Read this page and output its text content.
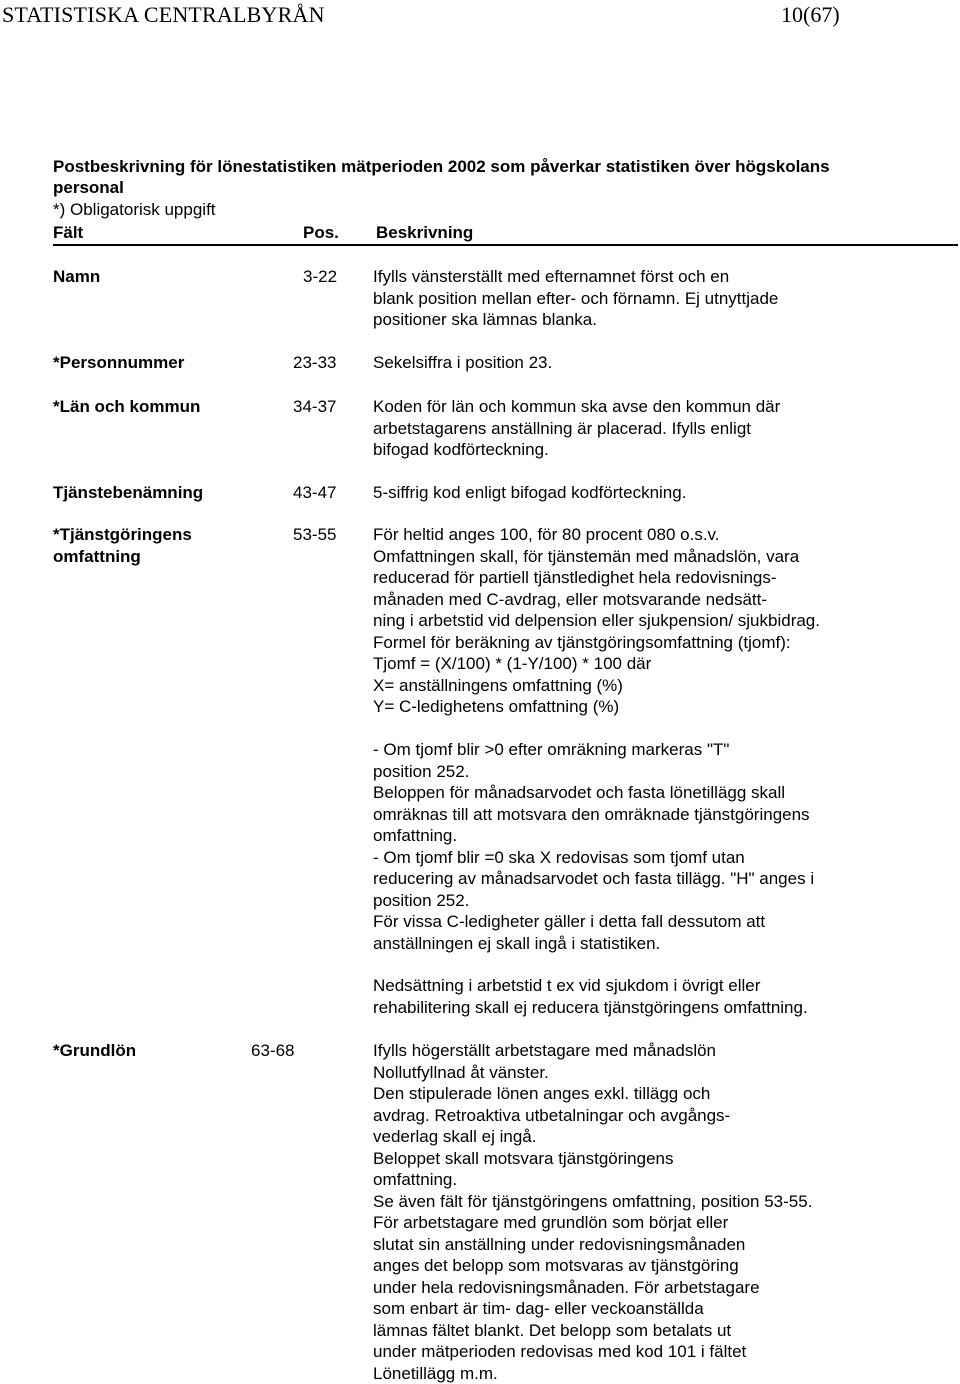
STATISTISKA CENTRALBYRÅN	10(67)
Postbeskrivning för lönestatistiken mätperioden 2002 som påverkar statistiken över högskolans
personal
*) Obligatorisk uppgift
Fält	Pos. Beskrivning
Namn	3-22 Ifylls vänsterställt med efternamnet först och en
blank position mellan efter- och förnamn. Ej utnyttjade
positioner ska lämnas blanka.
*Personnummer	23-33 Sekelsiffra i position 23.
*Län och kommun	34-37 Koden för län och kommun ska avse den kommun där
arbetstagarens anställning är placerad. Ifylls enligt
bifogad kodförteckning.
Tjänstebenämning	43-47 5-siffrig kod enligt bifogad kodförteckning.
*Tjänstgöringens
omfattning
53-55 För heltid anges 100, för 80 procent 080 o.s.v.
Omfattningen skall, för tjänstemän med månadslön, vara
reducerad för partiell tjänstledighet hela redovisnings-
månaden med C-avdrag, eller motsvarande nedsätt-
ning i arbetstid vid delpension eller sjukpension/ sjukbidrag.
Formel för beräkning av tjänstgöringsomfattning (tjomf):
Tjomf = (X/100) * (1-Y/100) * 100 där
X= anställningens omfattning (%)
Y= C-ledighetens omfattning (%)
- Om tjomf blir >0 efter omräkning markeras "T"
position 252.
Beloppen för månadsarvodet och fasta lönetillägg skall
omräknas till att motsvara den omräknade tjänstgöringens
omfattning.
- Om tjomf blir =0 ska X redovisas som tjomf utan
reducering av månadsarvodet och fasta tillägg. "H" anges i
position 252.
För vissa C-ledigheter gäller i detta fall dessutom att
anställningen ej skall ingå i statistiken.
Nedsättning i arbetstid t ex vid sjukdom i övrigt eller
rehabilitering skall ej reducera tjänstgöringens omfattning.
*Grundlön	63-68	Ifylls högerställt arbetstagare med månadslön
Nollutfyllnad åt vänster.
Den stipulerade lönen anges exkl. tillägg och
avdrag. Retroaktiva utbetalningar och avgångs-
vederlag skall ej ingå.
Beloppet skall motsvara tjänstgöringens
omfattning.
Se även fält för tjänstgöringens omfattning, position 53-55.
För arbetstagare med grundlön som börjat eller
slutat sin anställning under redovisningsmånaden
anges det belopp som motsvaras av tjänstgöring
under hela redovisningsmånaden. För arbetstagare
som enbart är tim- dag- eller veckoanställda
lämnas fältet blankt. Det belopp som betalats ut
under mätperioden redovisas med kod 101 i fältet
Lönetillägg m.m.
